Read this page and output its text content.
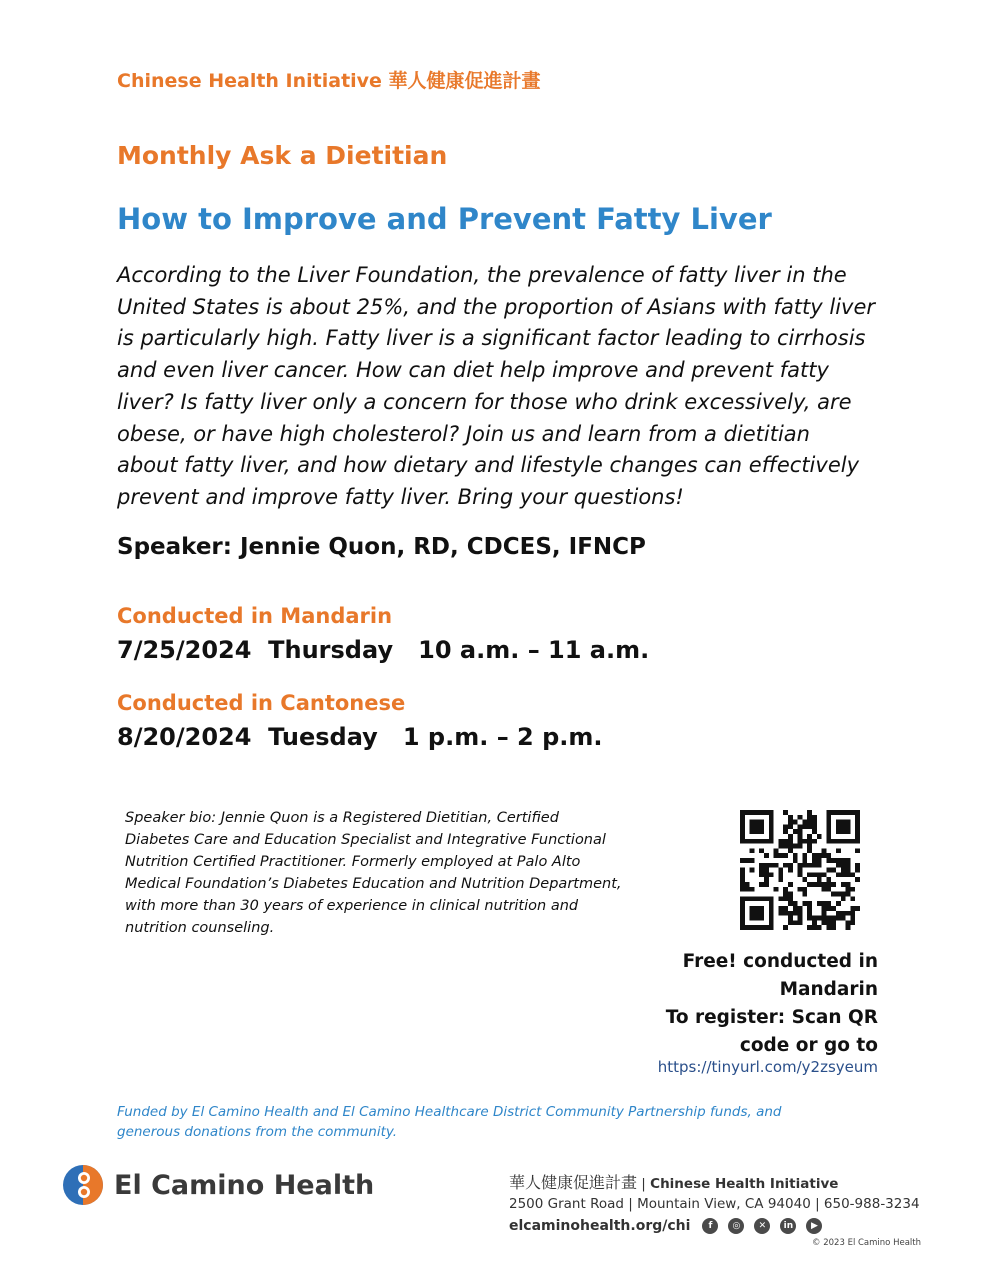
Chinese Health Initiative 華人健康促進計畫
Monthly Ask a Dietitian
How to Improve and Prevent Fatty Liver
According to the Liver Foundation, the prevalence of fatty liver in the United States is about 25%, and the proportion of Asians with fatty liver is particularly high. Fatty liver is a significant factor leading to cirrhosis and even liver cancer. How can diet help improve and prevent fatty liver? Is fatty liver only a concern for those who drink excessively, are obese, or have high cholesterol? Join us and learn from a dietitian about fatty liver, and how dietary and lifestyle changes can effectively prevent and improve fatty liver. Bring your questions!
Speaker: Jennie Quon, RD, CDCES, IFNCP
Conducted in Mandarin
7/25/2024  Thursday   10 a.m. – 11 a.m.
Conducted in Cantonese
8/20/2024  Tuesday   1 p.m. – 2 p.m.
Speaker bio: Jennie Quon is a Registered Dietitian, Certified Diabetes Care and Education Specialist and Integrative Functional Nutrition Certified Practitioner. Formerly employed at Palo Alto Medical Foundation’s Diabetes Education and Nutrition Department, with more than 30 years of experience in clinical nutrition and nutrition counseling.
Free! conducted in
Mandarin
To register: Scan QR
code or go to
https://tinyurl.com/y2zsyeum
Funded by El Camino Health and El Camino Healthcare District Community Partnership funds, and generous donations from the community.
El Camino Health	華人健康促進計畫 | Chinese Health Initiative
2500 Grant Road | Mountain View, CA 94040 | 650-988-3234
elcaminohealth.org/chi	f	◎	✕	in	▶
© 2023 El Camino Health
